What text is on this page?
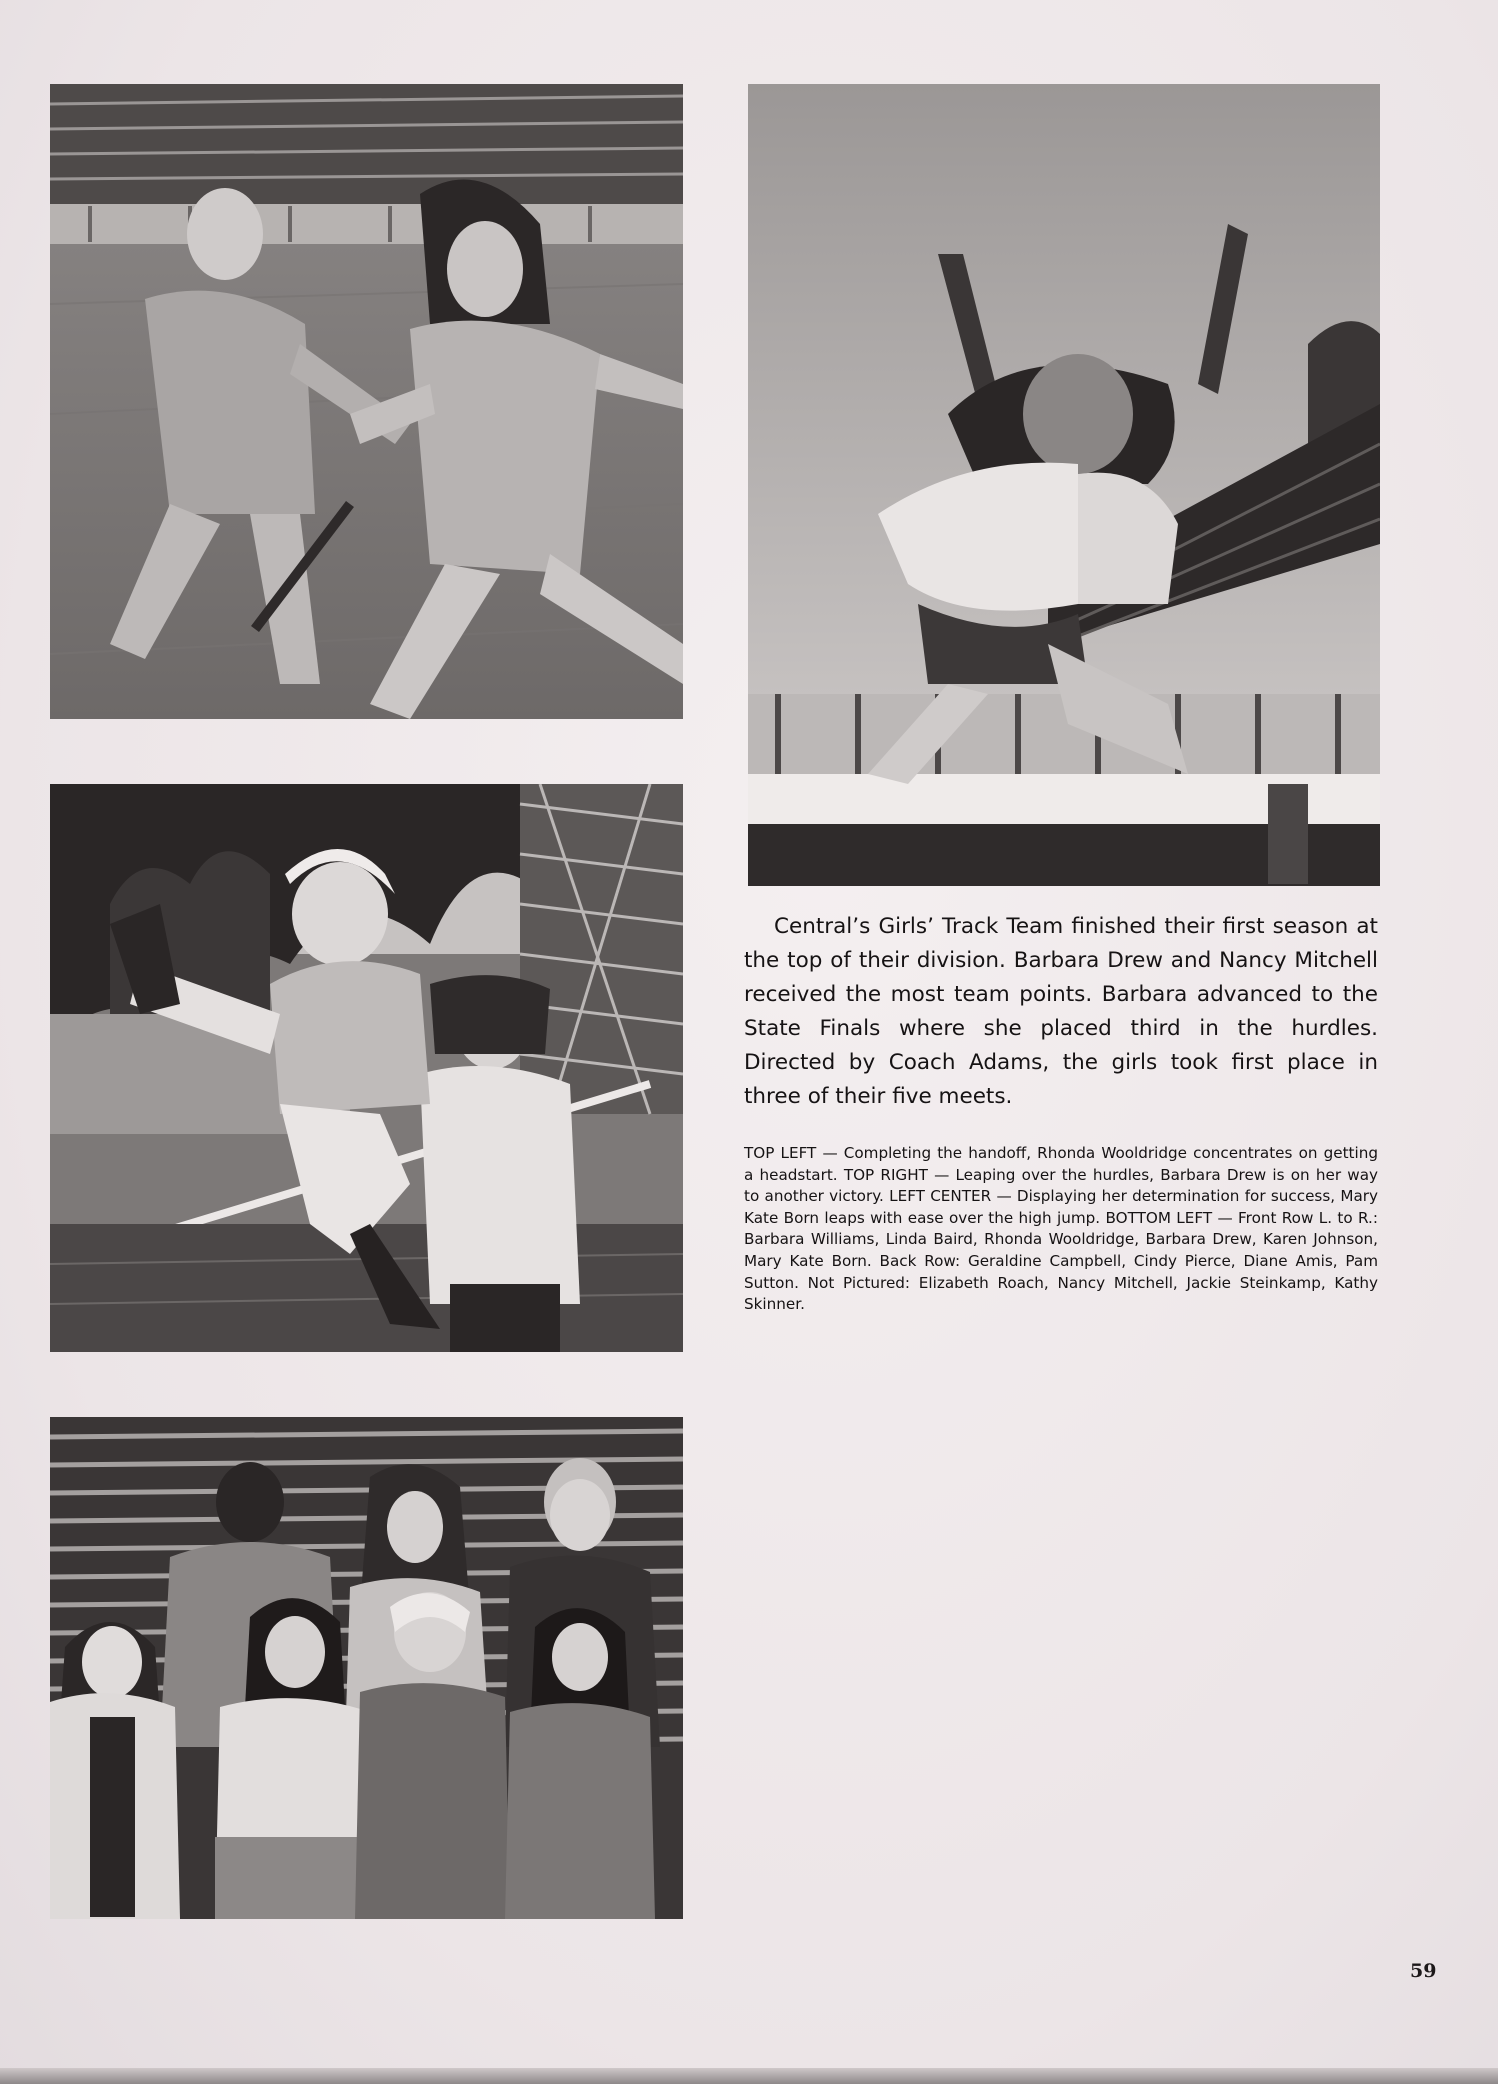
Central’s Girls’ Track Team finished their first season at the top of their division. Barbara Drew and Nancy Mitchell received the most team points. Barbara advanced to the State Finals where she placed third in the hurdles. Directed by Coach Adams, the girls took first place in three of their five meets.

TOP LEFT — Completing the handoff, Rhonda Wooldridge concentrates on getting a headstart. TOP RIGHT — Leaping over the hurdles, Barbara Drew is on her way to another victory. LEFT CENTER — Displaying her determination for success, Mary Kate Born leaps with ease over the high jump. BOTTOM LEFT — Front Row L. to R.: Barbara Williams, Linda Baird, Rhonda Wooldridge, Barbara Drew, Karen Johnson, Mary Kate Born. Back Row: Geraldine Campbell, Cindy Pierce, Diane Amis, Pam Sutton. Not Pictured: Elizabeth Roach, Nancy Mitchell, Jackie Steinkamp, Kathy Skinner.

59
